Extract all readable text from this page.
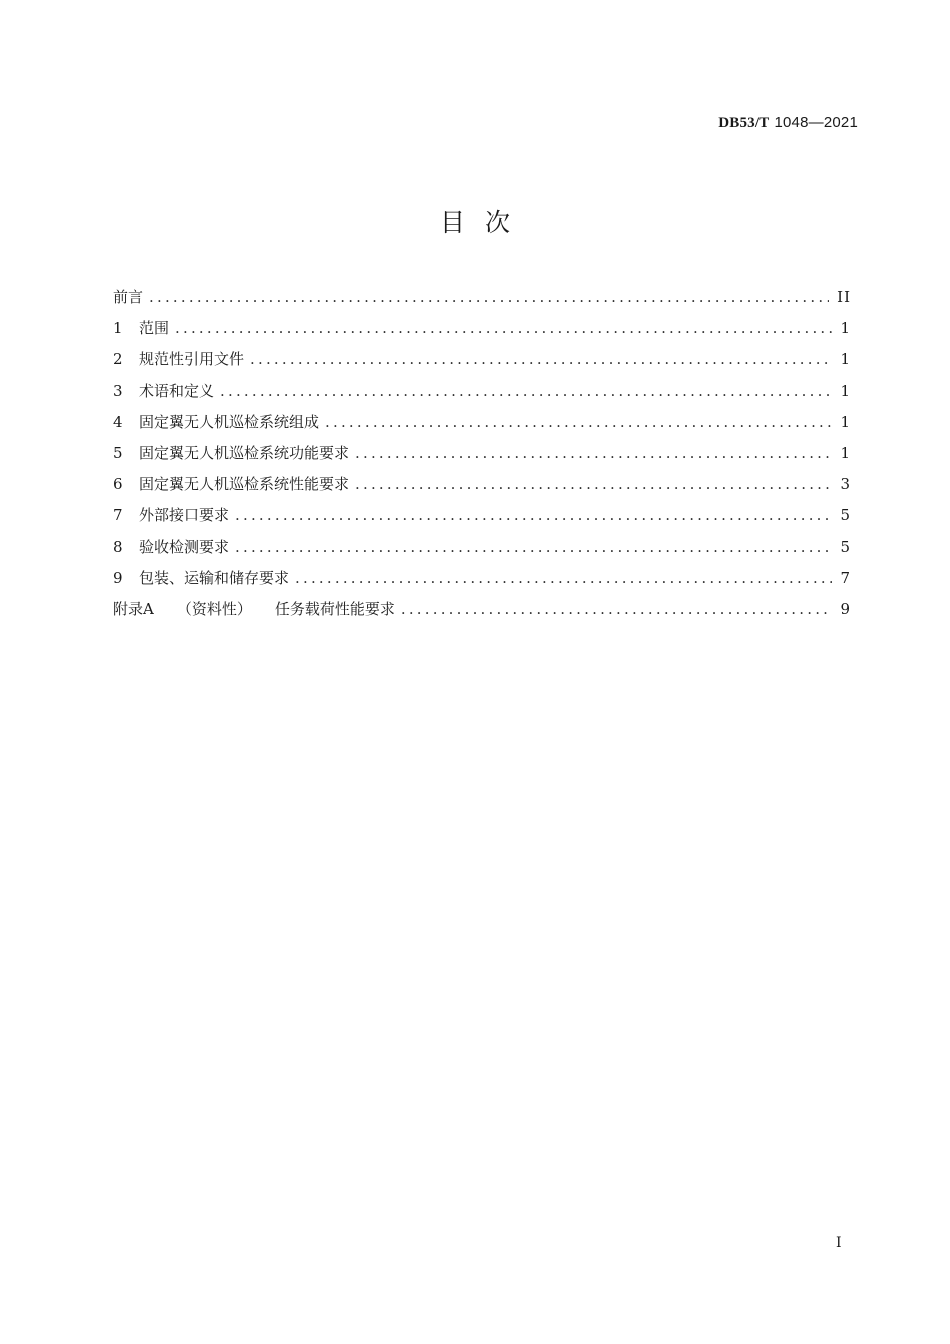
DB53/T 1048—2021
目次
前言 .....	II
1	范围 .....	1
2	规范性引用文件 .....	1
3	术语和定义 .....	1
4	固定翼无人机巡检系统组成 .....	1
5	固定翼无人机巡检系统功能要求 .....	1
6	固定翼无人机巡检系统性能要求 .....	3
7	外部接口要求 .....	5
8	验收检测要求 .....	5
9	包装、运输和储存要求 .....	7
附录A （资料性） 任务载荷性能要求 .....	9
I
